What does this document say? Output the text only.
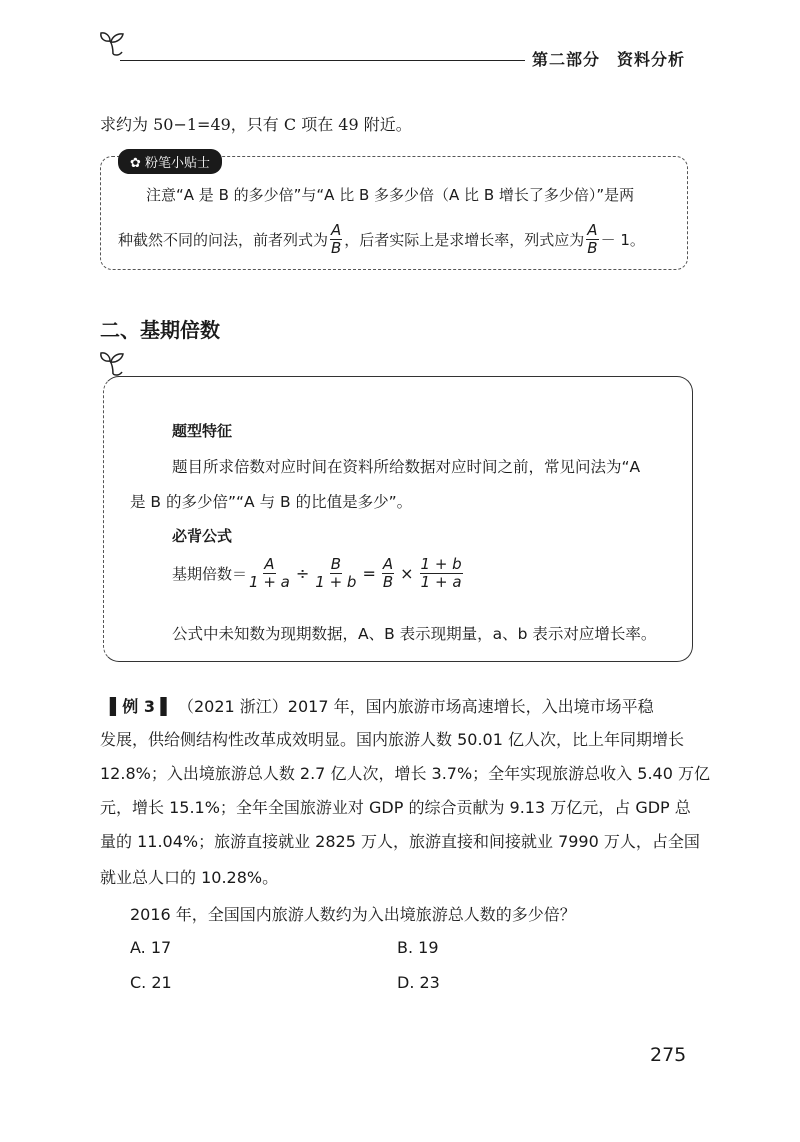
第二部分　资料分析
求约为 50−1=49，只有 C 项在 49 附近。
✿ 粉笔小贴士
注意“A 是 B 的多少倍”与“A 比 B 多多少倍（A 比 B 增长了多少倍）”是两
种截然不同的问法，前者列式为 $\frac{A}{B}$ ，后者实际上是求增长率，列式应为 $\frac{A}{B} - 1$。
二、基期倍数
题型特征
题目所求倍数对应时间在资料所给数据对应时间之前，常见问法为“A
是 B 的多少倍”“A 与 B 的比值是多少”。
必背公式
基期倍数＝ $\frac{A}{1 + a} \div \frac{B}{1 + b} = \frac{A}{B} \times \frac{1 + b}{1 + a}$
公式中未知数为现期数据，A、B 表示现期量，a、b 表示对应增长率。
▌例 3 ▌ （2021 浙江）2017 年，国内旅游市场高速增长，入出境市场平稳
发展，供给侧结构性改革成效明显。国内旅游人数 50.01 亿人次，比上年同期增长
12.8%；入出境旅游总人数 2.7 亿人次，增长 3.7%；全年实现旅游总收入 5.40 万亿
元，增长 15.1%；全年全国旅游业对 GDP 的综合贡献为 9.13 万亿元，占 GDP 总
量的 11.04%；旅游直接就业 2825 万人，旅游直接和间接就业 7990 万人，占全国
就业总人口的 10.28%。
2016 年，全国国内旅游人数约为入出境旅游总人数的多少倍？
A. 17	B. 19
C. 21	D. 23
275
